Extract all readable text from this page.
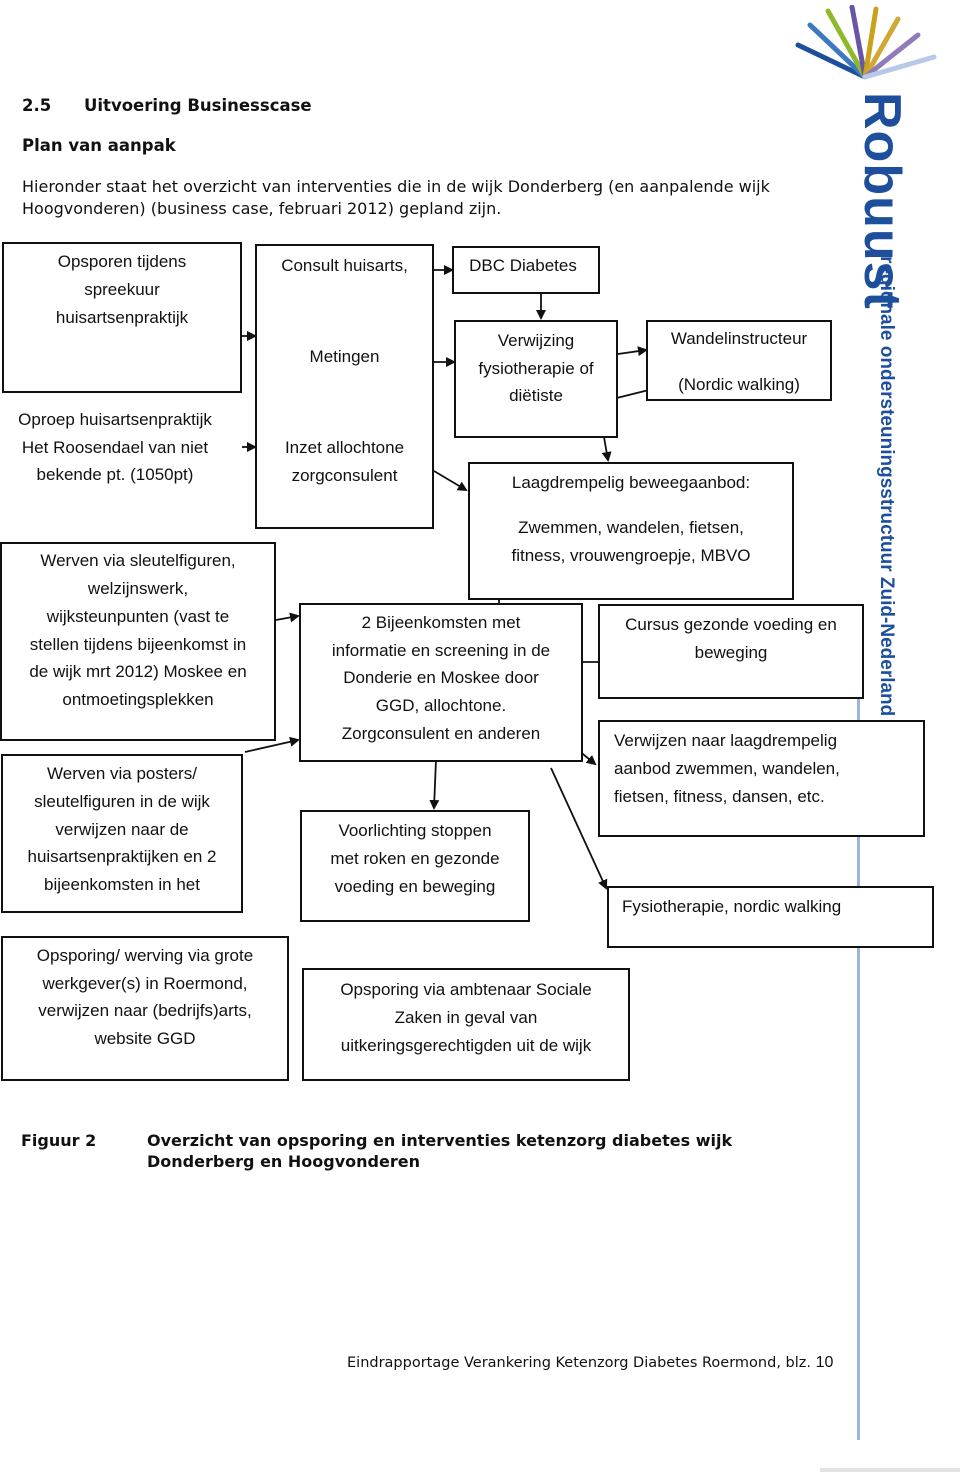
2.5 Uitvoering Businesscase
Plan van aanpak
Hieronder staat het overzicht van interventies die in de wijk Donderberg (en aanpalende wijk
Hoogvonderen) (business case, februari 2012) gepland zijn.	Robuust
regionale ondersteuningsstructuur Zuid-Nederland
Opsporen tijdens
spreekuur
huisartsenpraktijk
Oproep huisartsenpraktijk
Het Roosendael van niet
bekende pt. (1050pt)
Consult huisarts,
Metingen
Inzet allochtone
zorgconsulent
DBC Diabetes
Verwijzing
fysiotherapie of
diëtiste
Wandelinstructeur
(Nordic walking)
Laagdrempelig beweegaanbod:
Zwemmen, wandelen, fietsen,
fitness, vrouwengroepje, MBVO
Werven via sleutelfiguren,
welzijnswerk,
wijksteunpunten (vast te
stellen tijdens bijeenkomst in
de wijk mrt 2012) Moskee en
ontmoetingsplekken
2 Bijeenkomsten met
informatie en screening in de
Donderie en Moskee door
GGD, allochtone.
Zorgconsulent en anderen
Cursus gezonde voeding en
beweging
Verwijzen naar laagdrempelig
aanbod zwemmen, wandelen,
fietsen, fitness, dansen, etc.
Werven via posters/
sleutelfiguren in de wijk
verwijzen naar de
huisartsenpraktijken en 2
bijeenkomsten in het
Voorlichting stoppen
met roken en gezonde
voeding en beweging
Fysiotherapie, nordic walking
Opsporing/ werving via grote
werkgever(s) in Roermond,
verwijzen naar (bedrijfs)arts,
website GGD
Opsporing via ambtenaar Sociale
Zaken in geval van
uitkeringsgerechtigden uit de wijk
Figuur 2	Overzicht van opsporing en interventies ketenzorg diabetes wijk
Donderberg en Hoogvonderen
Eindrapportage Verankering Ketenzorg Diabetes Roermond, blz. 10
